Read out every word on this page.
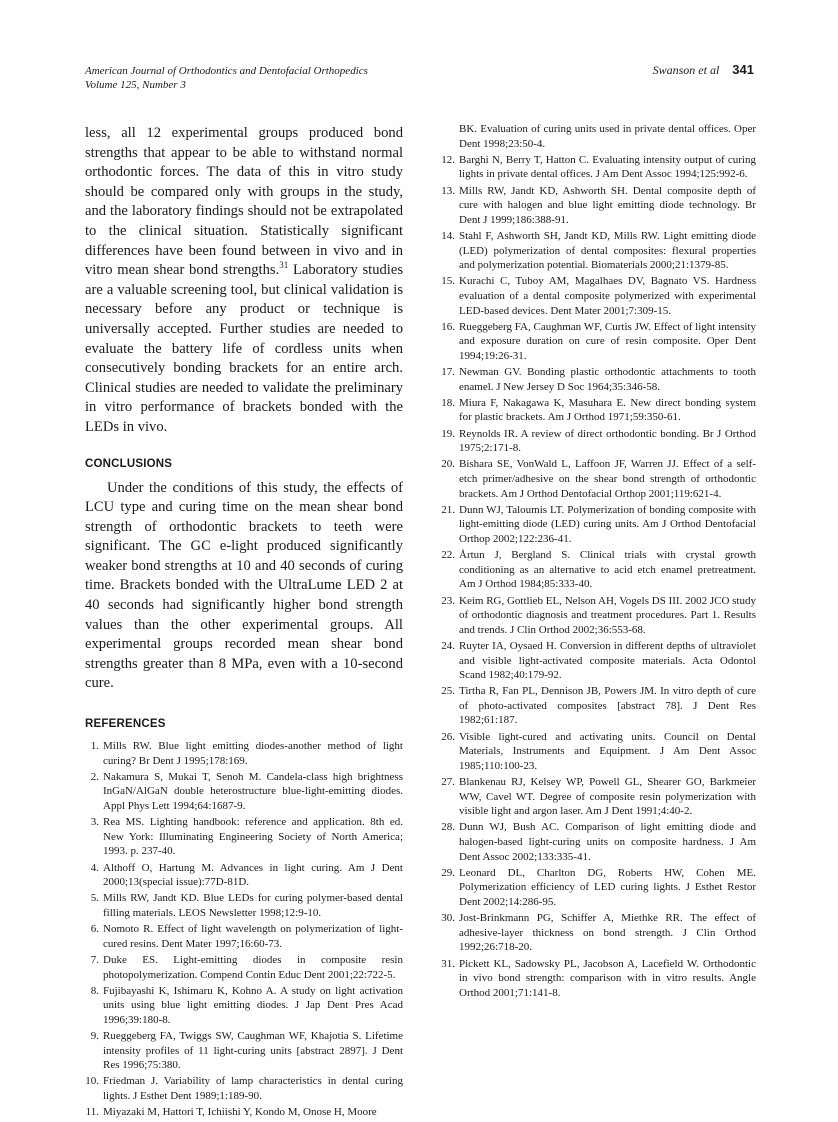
American Journal of Orthodontics and Dentofacial Orthopedics
Volume 125, Number 3
Swanson et al 341

less, all 12 experimental groups produced bond strengths that appear to be able to withstand normal orthodontic forces. The data of this in vitro study should be compared only with groups in the study, and the laboratory findings should not be extrapolated to the clinical situation. Statistically significant differences have been found between in vivo and in vitro mean shear bond strengths.$^{31}$ Laboratory studies are a valuable screening tool, but clinical validation is necessary before any product or technique is universally accepted. Further studies are needed to evaluate the battery life of cordless units when consecutively bonding brackets for an entire arch. Clinical studies are needed to validate the preliminary in vitro performance of brackets bonded with the LEDs in vivo.

CONCLUSIONS

Under the conditions of this study, the effects of LCU type and curing time on the mean shear bond strength of orthodontic brackets to teeth were significant. The GC e-light produced significantly weaker bond strengths at 10 and 40 seconds of curing time. Brackets bonded with the UltraLume LED 2 at 40 seconds had significantly higher bond strength values than the other experimental groups. All experimental groups recorded mean shear bond strengths greater than 8 MPa, even with a 10-second cure.

REFERENCES
1. Mills RW. Blue light emitting diodes-another method of light curing? Br Dent J 1995;178:169.
2. Nakamura S, Mukai T, Senoh M. Candela-class high brightness InGaN/AlGaN double heterostructure blue-light-emitting diodes. Appl Phys Lett 1994;64:1687-9.
3. Rea MS. Lighting handbook: reference and application. 8th ed. New York: Illuminating Engineering Society of North America; 1993. p. 237-40.
4. Althoff O, Hartung M. Advances in light curing. Am J Dent 2000;13(special issue):77D-81D.
5. Mills RW, Jandt KD. Blue LEDs for curing polymer-based dental filling materials. LEOS Newsletter 1998;12:9-10.
6. Nomoto R. Effect of light wavelength on polymerization of light-cured resins. Dent Mater 1997;16:60-73.
7. Duke ES. Light-emitting diodes in composite resin photopolymerization. Compend Contin Educ Dent 2001;22:722-5.
8. Fujibayashi K, Ishimaru K, Kohno A. A study on light activation units using blue light emitting diodes. J Jap Dent Pres Acad 1996;39:180-8.
9. Rueggeberg FA, Twiggs SW, Caughman WF, Khajotia S. Lifetime intensity profiles of 11 light-curing units [abstract 2897]. J Dent Res 1996;75:380.
10. Friedman J. Variability of lamp characteristics in dental curing lights. J Esthet Dent 1989;1:189-90.
11. Miyazaki M, Hattori T, Ichiishi Y, Kondo M, Onose H, Moore
BK. Evaluation of curing units used in private dental offices. Oper Dent 1998;23:50-4.
12. Barghi N, Berry T, Hatton C. Evaluating intensity output of curing lights in private dental offices. J Am Dent Assoc 1994;125:992-6.
13. Mills RW, Jandt KD, Ashworth SH. Dental composite depth of cure with halogen and blue light emitting diode technology. Br Dent J 1999;186:388-91.
14. Stahl F, Ashworth SH, Jandt KD, Mills RW. Light emitting diode (LED) polymerization of dental composites: flexural properties and polymerization potential. Biomaterials 2000;21:1379-85.
15. Kurachi C, Tuboy AM, Magalhaes DV, Bagnato VS. Hardness evaluation of a dental composite polymerized with experimental LED-based devices. Dent Mater 2001;7:309-15.
16. Rueggeberg FA, Caughman WF, Curtis JW. Effect of light intensity and exposure duration on cure of resin composite. Oper Dent 1994;19:26-31.
17. Newman GV. Bonding plastic orthodontic attachments to tooth enamel. J New Jersey D Soc 1964;35:346-58.
18. Miura F, Nakagawa K, Masuhara E. New direct bonding system for plastic brackets. Am J Orthod 1971;59:350-61.
19. Reynolds IR. A review of direct orthodontic bonding. Br J Orthod 1975;2:171-8.
20. Bishara SE, VonWald L, Laffoon JF, Warren JJ. Effect of a self-etch primer/adhesive on the shear bond strength of orthodontic brackets. Am J Orthod Dentofacial Orthop 2001;119:621-4.
21. Dunn WJ, Taloumis LT. Polymerization of bonding composite with light-emitting diode (LED) curing units. Am J Orthod Dentofacial Orthop 2002;122:236-41.
22. Årtun J, Bergland S. Clinical trials with crystal growth conditioning as an alternative to acid etch enamel pretreatment. Am J Orthod 1984;85:333-40.
23. Keim RG, Gottlieb EL, Nelson AH, Vogels DS III. 2002 JCO study of orthodontic diagnosis and treatment procedures. Part 1. Results and trends. J Clin Orthod 2002;36:553-68.
24. Ruyter IA, Oysaed H. Conversion in different depths of ultraviolet and visible light-activated composite materials. Acta Odontol Scand 1982;40:179-92.
25. Tirtha R, Fan PL, Dennison JB, Powers JM. In vitro depth of cure of photo-activated composites [abstract 78]. J Dent Res 1982;61:187.
26. Visible light-cured and activating units. Council on Dental Materials, Instruments and Equipment. J Am Dent Assoc 1985;110:100-23.
27. Blankenau RJ, Kelsey WP, Powell GL, Shearer GO, Barkmeier WW, Cavel WT. Degree of composite resin polymerization with visible light and argon laser. Am J Dent 1991;4:40-2.
28. Dunn WJ, Bush AC. Comparison of light emitting diode and halogen-based light-curing units on composite hardness. J Am Dent Assoc 2002;133:335-41.
29. Leonard DL, Charlton DG, Roberts HW, Cohen ME. Polymerization efficiency of LED curing lights. J Esthet Restor Dent 2002;14:286-95.
30. Jost-Brinkmann PG, Schiffer A, Miethke RR. The effect of adhesive-layer thickness on bond strength. J Clin Orthod 1992;26:718-20.
31. Pickett KL, Sadowsky PL, Jacobson A, Lacefield W. Orthodontic in vivo bond strength: comparison with in vitro results. Angle Orthod 2001;71:141-8.
